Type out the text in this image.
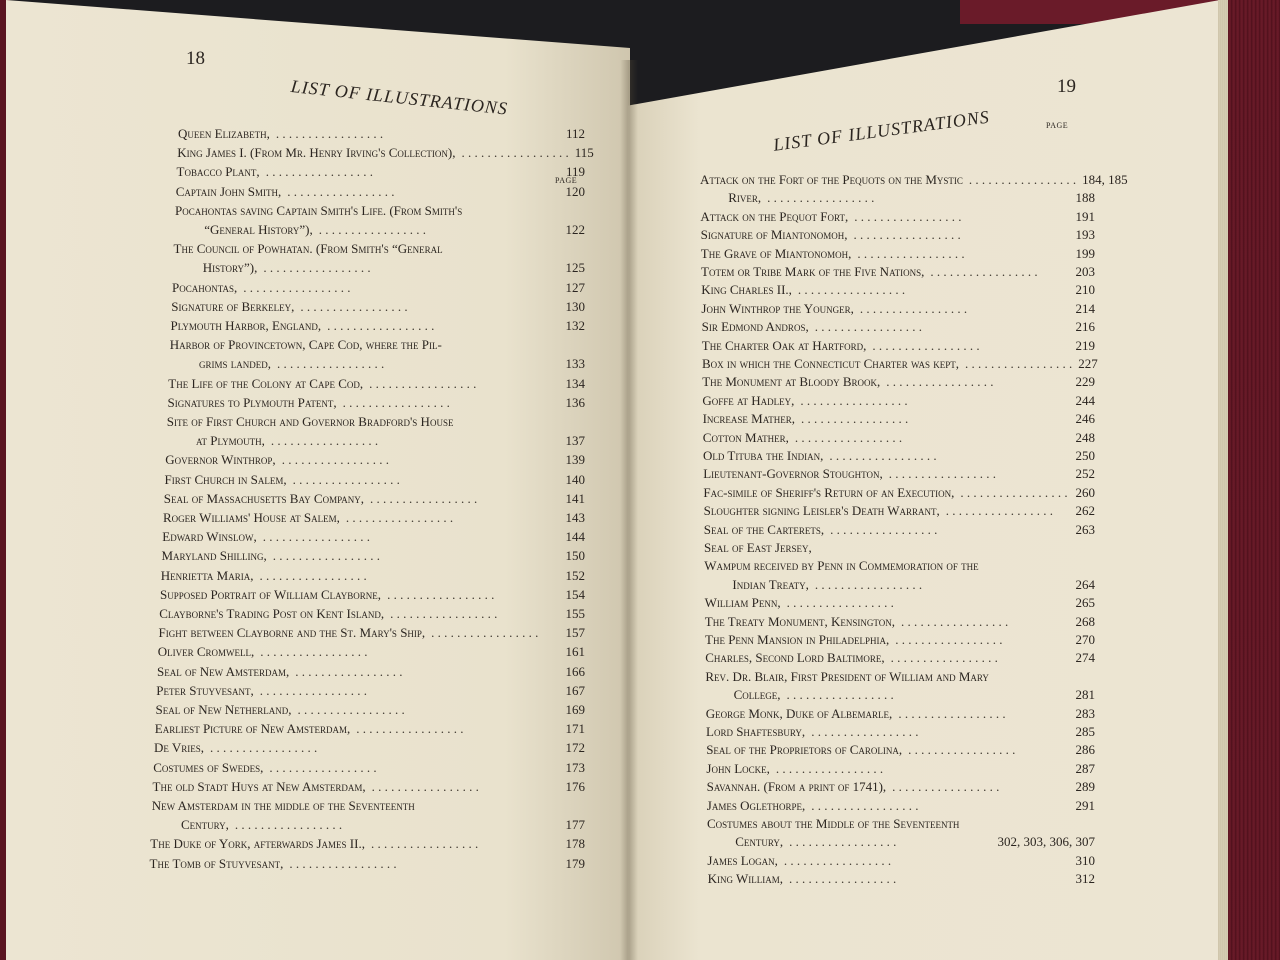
18
LIST OF ILLUSTRATIONS
PAGE
19
LIST OF ILLUSTRATIONS	PAGE
Queen Elizabeth, . . . . . . . . . . . . . . . . .	112
King James I. (From Mr. Henry Irving's Collection), . . . . . . . . . . . . . . . . . 115
Tobacco Plant, . . . . . . . . . . . . . . . . .	119
Captain John Smith, . . . . . . . . . . . . . . . . .	120
Pocahontas saving Captain Smith's Life. (From Smith's
“General History”), . . . . . . . . . . . . . . . . .	122
The Council of Powhatan. (From Smith's “General
History”), . . . . . . . . . . . . . . . . .	125
Pocahontas, . . . . . . . . . . . . . . . . .	127
Signature of Berkeley, . . . . . . . . . . . . . . . . .	130
Plymouth Harbor, England, . . . . . . . . . . . . . . . . .	132
Harbor of Provincetown, Cape Cod, where the Pil-
grims landed, . . . . . . . . . . . . . . . . .	133
The Life of the Colony at Cape Cod, . . . . . . . . . . . . . . . . .	134
Signatures to Plymouth Patent, . . . . . . . . . . . . . . . . .	136
Site of First Church and Governor Bradford's House
at Plymouth, . . . . . . . . . . . . . . . . .	137
Governor Winthrop, . . . . . . . . . . . . . . . . .	139
First Church in Salem, . . . . . . . . . . . . . . . . .	140
Seal of Massachusetts Bay Company, . . . . . . . . . . . . . . . . .	141
Roger Williams' House at Salem, . . . . . . . . . . . . . . . . .	143
Edward Winslow, . . . . . . . . . . . . . . . . .	144
Maryland Shilling, . . . . . . . . . . . . . . . . .	150
Henrietta Maria, . . . . . . . . . . . . . . . . .	152
Supposed Portrait of William Clayborne, . . . . . . . . . . . . . . . . .	154
Clayborne's Trading Post on Kent Island, . . . . . . . . . . . . . . . . .	155
Fight between Clayborne and the St. Mary's Ship, . . . . . . . . . . . . . . . . .	157
Oliver Cromwell, . . . . . . . . . . . . . . . . .	161
Seal of New Amsterdam, . . . . . . . . . . . . . . . . .	166
Peter Stuyvesant, . . . . . . . . . . . . . . . . .	167
Seal of New Netherland, . . . . . . . . . . . . . . . . .	169
Earliest Picture of New Amsterdam, . . . . . . . . . . . . . . . . .	171
De Vries, . . . . . . . . . . . . . . . . .	172
Costumes of Swedes, . . . . . . . . . . . . . . . . .	173
The old Stadt Huys at New Amsterdam, . . . . . . . . . . . . . . . . .	176
New Amsterdam in the middle of the Seventeenth
Century, . . . . . . . . . . . . . . . . .	177
The Duke of York, afterwards James II., . . . . . . . . . . . . . . . . .	178
The Tomb of Stuyvesant, . . . . . . . . . . . . . . . . .	179
Attack on the Fort of the Pequots on the Mystic . . . . . . . . . . . . . . . . . 184, 185
River, . . . . . . . . . . . . . . . . .	188
Attack on the Pequot Fort, . . . . . . . . . . . . . . . . .	191
Signature of Miantonomoh, . . . . . . . . . . . . . . . . .	193
The Grave of Miantonomoh, . . . . . . . . . . . . . . . . .	199
Totem or Tribe Mark of the Five Nations, . . . . . . . . . . . . . . . . .	203
King Charles II., . . . . . . . . . . . . . . . . .	210
John Winthrop the Younger, . . . . . . . . . . . . . . . . .	214
Sir Edmond Andros, . . . . . . . . . . . . . . . . .	216
The Charter Oak at Hartford, . . . . . . . . . . . . . . . . .	219
Box in which the Connecticut Charter was kept, . . . . . . . . . . . . . . . . . 227
The Monument at Bloody Brook, . . . . . . . . . . . . . . . . .	229
Goffe at Hadley, . . . . . . . . . . . . . . . . .	244
Increase Mather, . . . . . . . . . . . . . . . . .	246
Cotton Mather, . . . . . . . . . . . . . . . . .	248
Old Tituba the Indian, . . . . . . . . . . . . . . . . .	250
Lieutenant-Governor Stoughton, . . . . . . . . . . . . . . . . .	252
Fac-simile of Sheriff's Return of an Execution, . . . . . . . . . . . . . . . . . 260
Sloughter signing Leisler's Death Warrant, . . . . . . . . . . . . . . . . .	262
Seal of the Carterets, . . . . . . . . . . . . . . . . .	263
Seal of East Jersey,
Wampum received by Penn in Commemoration of the
Indian Treaty, . . . . . . . . . . . . . . . . .	264
William Penn, . . . . . . . . . . . . . . . . .	265
The Treaty Monument, Kensington, . . . . . . . . . . . . . . . . .	268
The Penn Mansion in Philadelphia, . . . . . . . . . . . . . . . . .	270
Charles, Second Lord Baltimore, . . . . . . . . . . . . . . . . .	274
Rev. Dr. Blair, First President of William and Mary
College, . . . . . . . . . . . . . . . . .	281
George Monk, Duke of Albemarle, . . . . . . . . . . . . . . . . .	283
Lord Shaftesbury, . . . . . . . . . . . . . . . . .	285
Seal of the Proprietors of Carolina, . . . . . . . . . . . . . . . . .	286
John Locke, . . . . . . . . . . . . . . . . .	287
Savannah. (From a print of 1741), . . . . . . . . . . . . . . . . .	289
James Oglethorpe, . . . . . . . . . . . . . . . . .	291
Costumes about the Middle of the Seventeenth
Century, . . . . . . . . . . . . . . . . .	302, 303, 306, 307
James Logan, . . . . . . . . . . . . . . . . .	310
King William, . . . . . . . . . . . . . . . . .	312
